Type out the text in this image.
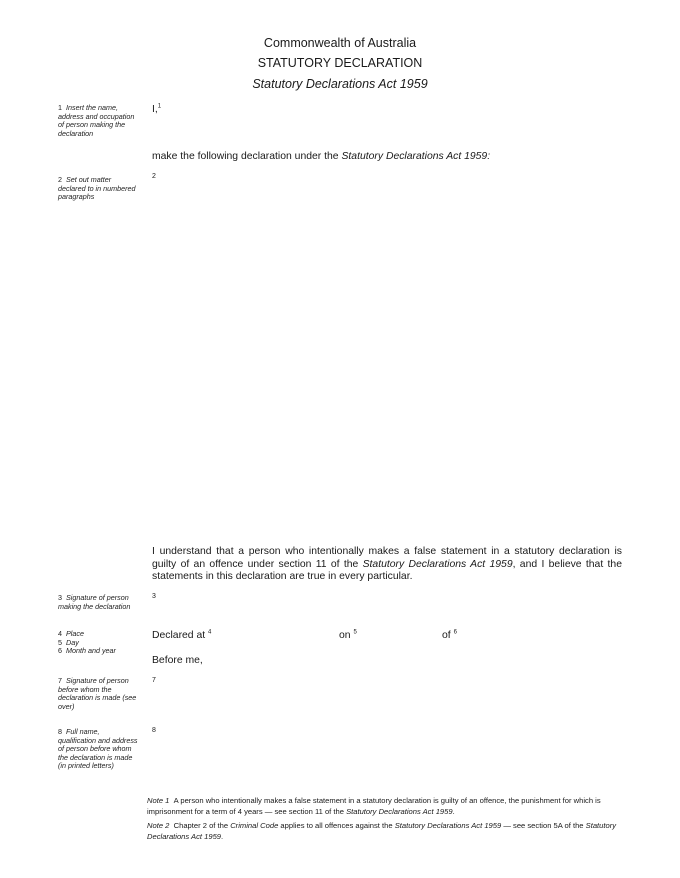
Commonwealth of Australia
STATUTORY DECLARATION
Statutory Declarations Act 1959
1 Insert the name, address and occupation of person making the declaration
2 Set out matter declared to in numbered paragraphs
3 Signature of person making the declaration
4 Place
5 Day
6 Month and year
7 Signature of person before whom the declaration is made (see over)
8 Full name, qualification and address of person before whom the declaration is made (in printed letters)
I,$^1$
make the following declaration under the Statutory Declarations Act 1959:
2
I understand that a person who intentionally makes a false statement in a statutory declaration is guilty of an offence under section 11 of the Statutory Declarations Act 1959, and I believe that the statements in this declaration are true in every particular.
3
Declared at $^4$	on $^5$	of $^6$
Before me,
7
8
Note 1 A person who intentionally makes a false statement in a statutory declaration is guilty of an offence, the punishment for which is imprisonment for a term of 4 years — see section 11 of the Statutory Declarations Act 1959.
Note 2 Chapter 2 of the Criminal Code applies to all offences against the Statutory Declarations Act 1959 — see section 5A of the Statutory Declarations Act 1959.
